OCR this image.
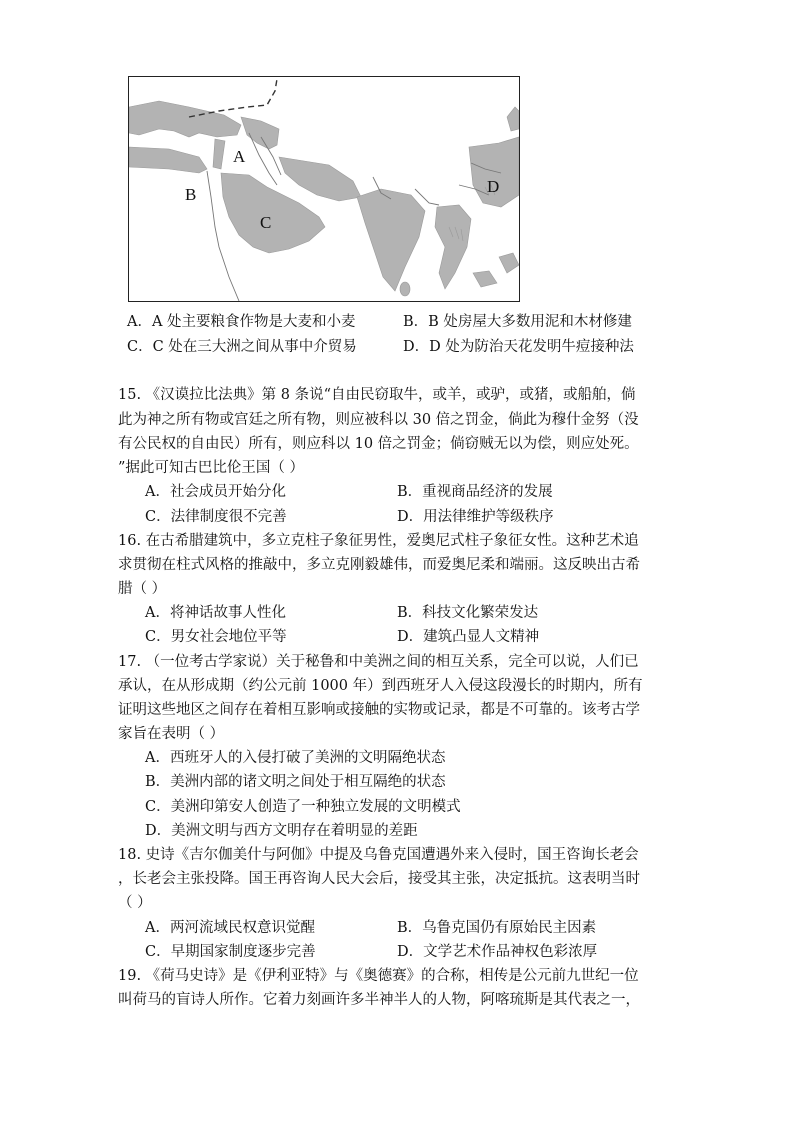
A
B
C
D
A．A 处主要粮食作物是大麦和小麦	B．B 处房屋大多数用泥和木材修建
C．C 处在三大洲之间从事中介贸易	D．D 处为防治天花发明牛痘接种法
15. 《汉谟拉比法典》第 8 条说“自由民窃取牛，或羊，或驴，或猪，或船舶，倘
此为神之所有物或宫廷之所有物，则应被科以 30 倍之罚金，倘此为穆什金努（没
有公民权的自由民）所有，则应科以 10 倍之罚金；倘窃贼无以为偿，则应处死。
”据此可知古巴比伦王国（ ）
A．社会成员开始分化	B．重视商品经济的发展
C．法律制度很不完善	D．用法律维护等级秩序
16. 在古希腊建筑中，多立克柱子象征男性，爱奥尼式柱子象征女性。这种艺术追
求贯彻在柱式风格的推敲中，多立克刚毅雄伟，而爱奥尼柔和端丽。这反映出古希
腊（ ）
A．将神话故事人性化	B．科技文化繁荣发达
C．男女社会地位平等	D．建筑凸显人文精神
17. （一位考古学家说）关于秘鲁和中美洲之间的相互关系，完全可以说，人们已
承认，在从形成期（约公元前 1000 年）到西班牙人入侵这段漫长的时期内，所有
证明这些地区之间存在着相互影响或接触的实物或记录，都是不可靠的。该考古学
家旨在表明（ ）
A．西班牙人的入侵打破了美洲的文明隔绝状态
B．美洲内部的诸文明之间处于相互隔绝的状态
C．美洲印第安人创造了一种独立发展的文明模式
D．美洲文明与西方文明存在着明显的差距
18. 史诗《吉尔伽美什与阿伽》中提及乌鲁克国遭遇外来入侵时，国王咨询长老会
，长老会主张投降。国王再咨询人民大会后，接受其主张，决定抵抗。这表明当时
（ ）
A．两河流域民权意识觉醒	B．乌鲁克国仍有原始民主因素
C．早期国家制度逐步完善	D．文学艺术作品神权色彩浓厚
19. 《荷马史诗》是《伊利亚特》与《奥德赛》的合称，相传是公元前九世纪一位
叫荷马的盲诗人所作。它着力刻画许多半神半人的人物，阿喀琉斯是其代表之一，
